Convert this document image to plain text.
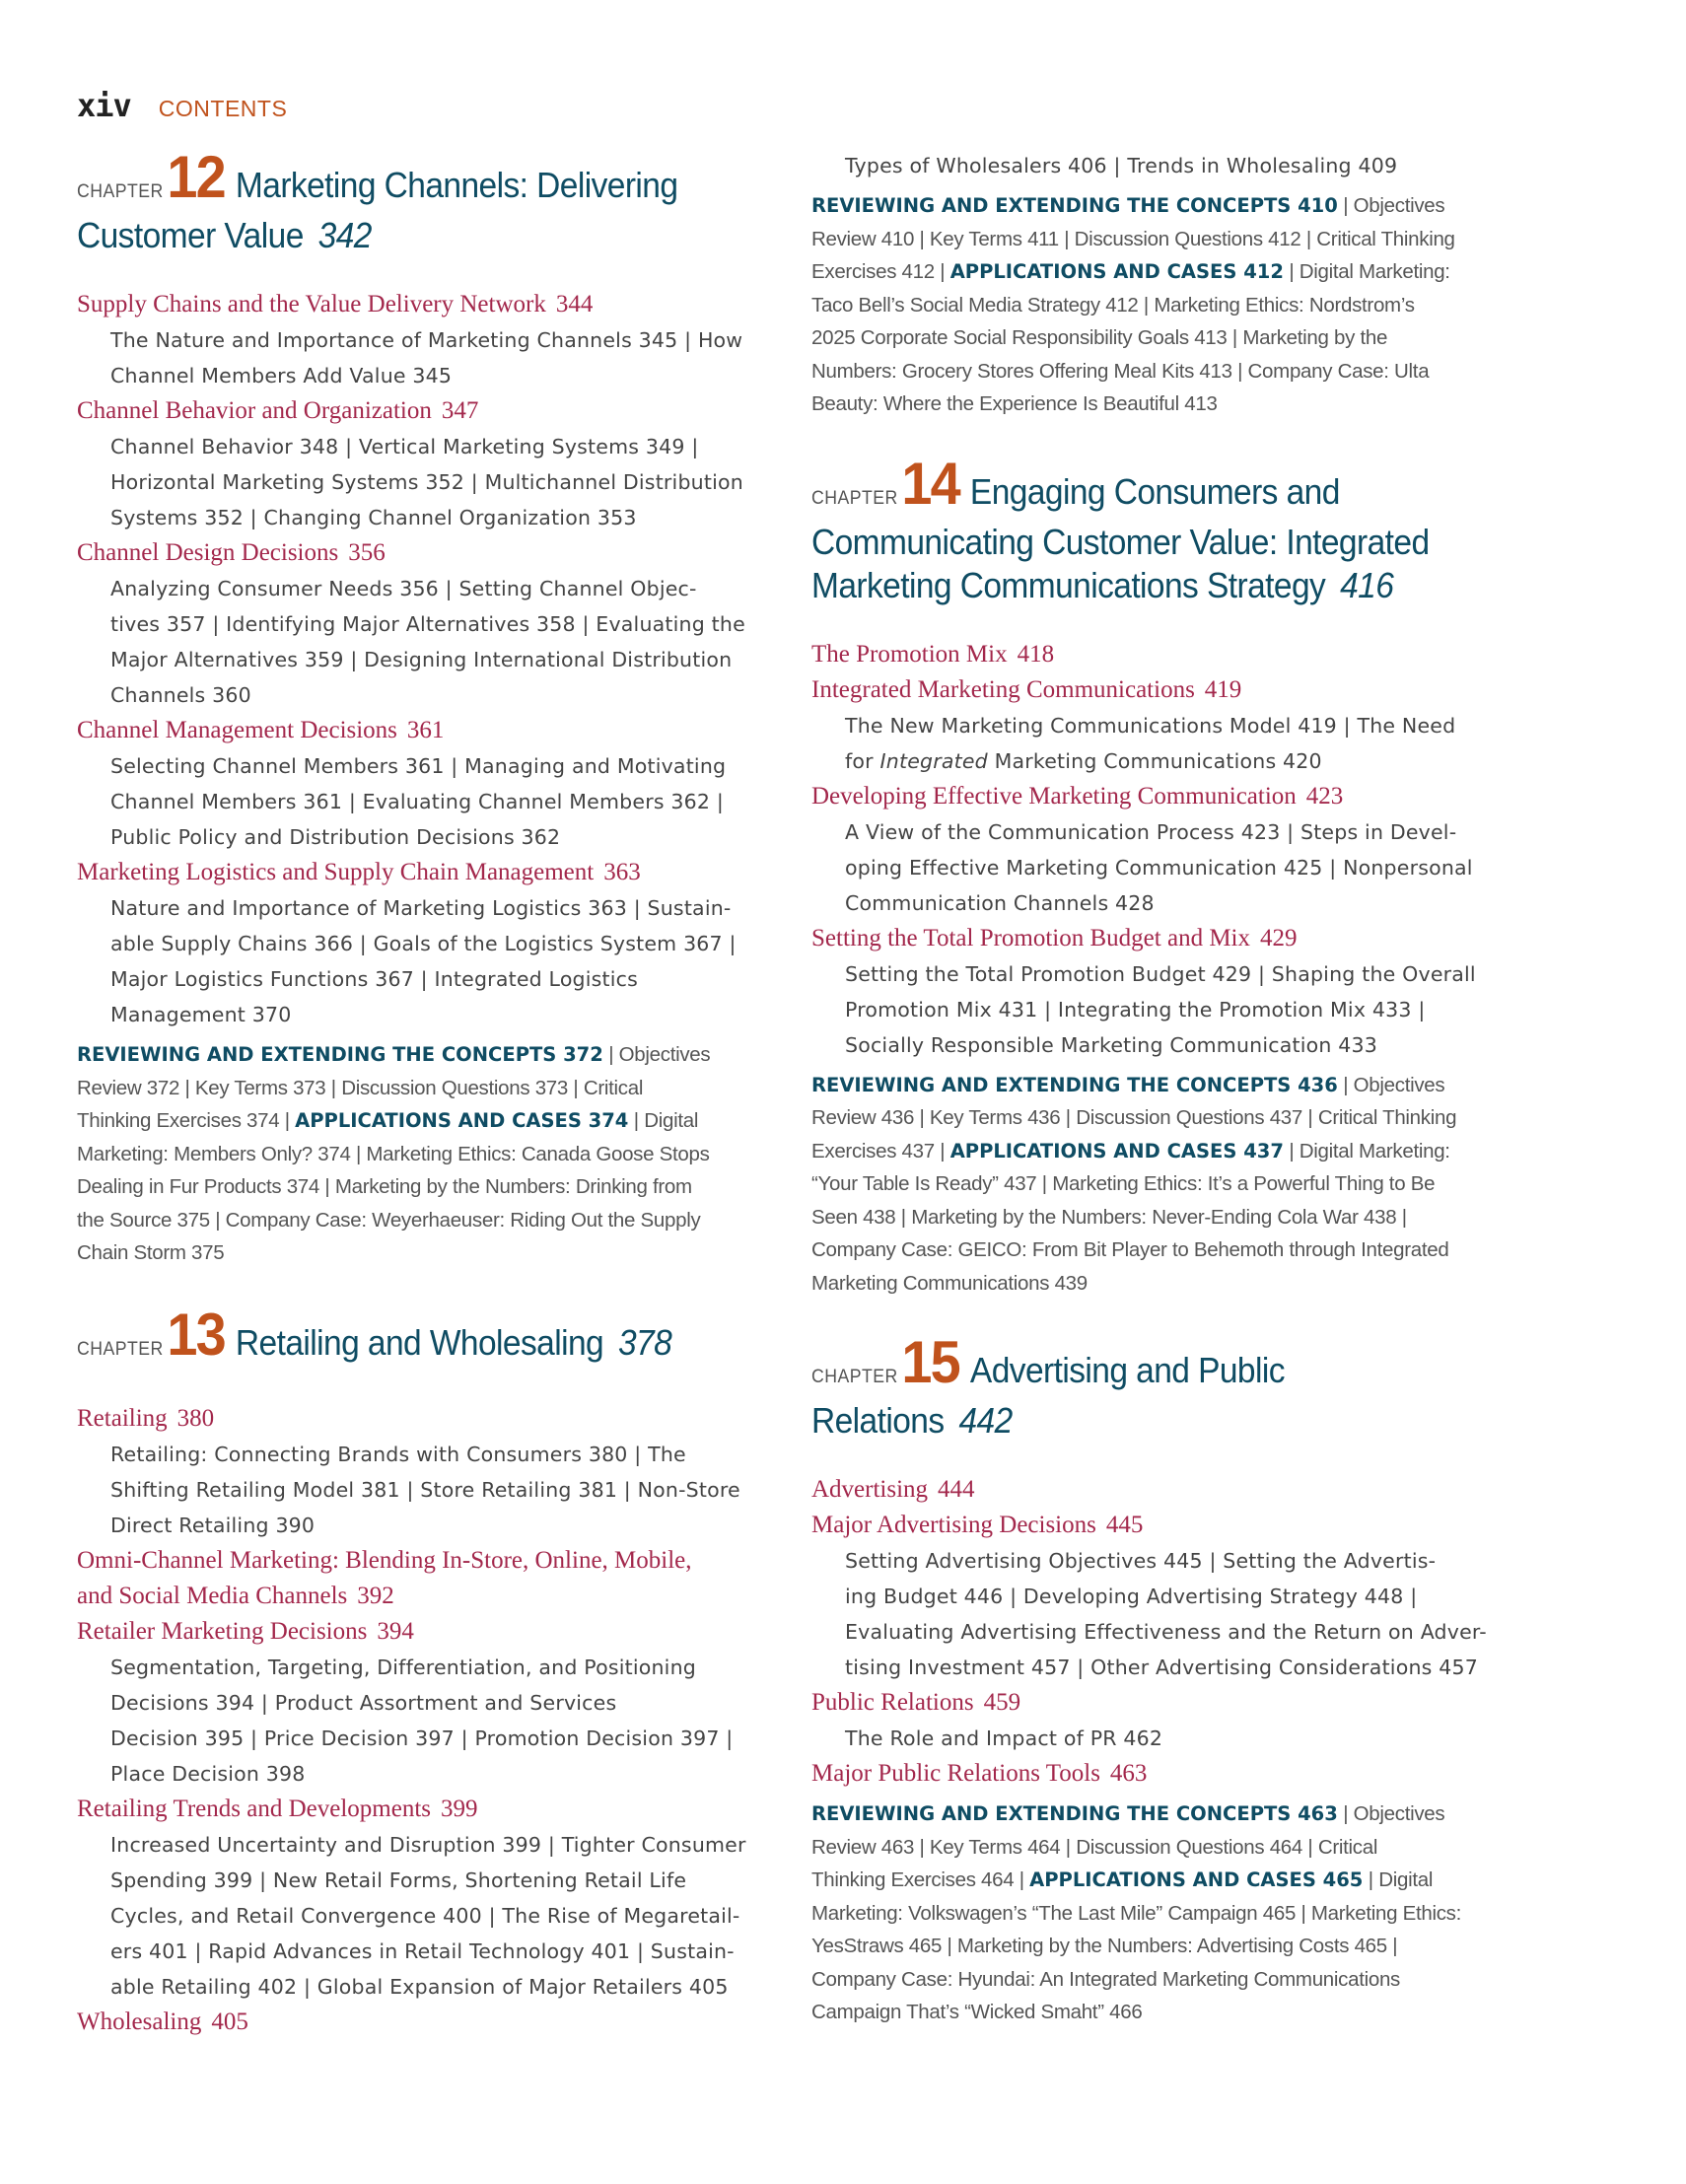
xiv CONTENTS
CHAPTER12 Marketing Channels: Delivering
Customer Value 342
Supply Chains and the Value Delivery Network 344
The Nature and Importance of Marketing Channels 345 | How
Channel Members Add Value 345
Channel Behavior and Organization 347
Channel Behavior 348 | Vertical Marketing Systems 349 |
Horizontal Marketing Systems 352 | Multichannel Distribution
Systems 352 | Changing Channel Organization 353
Channel Design Decisions 356
Analyzing Consumer Needs 356 | Setting Channel Objec-
tives 357 | Identifying Major Alternatives 358 | Evaluating the
Major Alternatives 359 | Designing International Distribution
Channels 360
Channel Management Decisions 361
Selecting Channel Members 361 | Managing and Motivating
Channel Members 361 | Evaluating Channel Members 362 |
Public Policy and Distribution Decisions 362
Marketing Logistics and Supply Chain Management 363
Nature and Importance of Marketing Logistics 363 | Sustain-
able Supply Chains 366 | Goals of the Logistics System 367 |
Major Logistics Functions 367 | Integrated Logistics
Management 370
REVIEWING AND EXTENDING THE CONCEPTS 372 | Objectives
Review 372 | Key Terms 373 | Discussion Questions 373 | Critical
Thinking Exercises 374 | APPLICATIONS AND CASES 374 | Digital
Marketing: Members Only? 374 | Marketing Ethics: Canada Goose Stops
Dealing in Fur Products 374 | Marketing by the Numbers: Drinking from
the Source 375 | Company Case: Weyerhaeuser: Riding Out the Supply
Chain Storm 375
CHAPTER13 Retailing and Wholesaling 378
Retailing 380
Retailing: Connecting Brands with Consumers 380 | The
Shifting Retailing Model 381 | Store Retailing 381 | Non-Store
Direct Retailing 390
Omni-Channel Marketing: Blending In-Store, Online, Mobile,
and Social Media Channels 392
Retailer Marketing Decisions 394
Segmentation, Targeting, Differentiation, and Positioning
Decisions 394 | Product Assortment and Services
Decision 395 | Price Decision 397 | Promotion Decision 397 |
Place Decision 398
Retailing Trends and Developments 399
Increased Uncertainty and Disruption 399 | Tighter Consumer
Spending 399 | New Retail Forms, Shortening Retail Life
Cycles, and Retail Convergence 400 | The Rise of Megaretail-
ers 401 | Rapid Advances in Retail Technology 401 | Sustain-
able Retailing 402 | Global Expansion of Major Retailers 405
Wholesaling 405
Types of Wholesalers 406 | Trends in Wholesaling 409
REVIEWING AND EXTENDING THE CONCEPTS 410 | Objectives
Review 410 | Key Terms 411 | Discussion Questions 412 | Critical Thinking
Exercises 412 | APPLICATIONS AND CASES 412 | Digital Marketing:
Taco Bell’s Social Media Strategy 412 | Marketing Ethics: Nordstrom’s
2025 Corporate Social Responsibility Goals 413 | Marketing by the
Numbers: Grocery Stores Offering Meal Kits 413 | Company Case: Ulta
Beauty: Where the Experience Is Beautiful 413
CHAPTER14 Engaging Consumers and
Communicating Customer Value: Integrated
Marketing Communications Strategy 416
The Promotion Mix 418
Integrated Marketing Communications 419
The New Marketing Communications Model 419 | The Need
for Integrated Marketing Communications 420
Developing Effective Marketing Communication 423
A View of the Communication Process 423 | Steps in Devel-
oping Effective Marketing Communication 425 | Nonpersonal
Communication Channels 428
Setting the Total Promotion Budget and Mix 429
Setting the Total Promotion Budget 429 | Shaping the Overall
Promotion Mix 431 | Integrating the Promotion Mix 433 |
Socially Responsible Marketing Communication 433
REVIEWING AND EXTENDING THE CONCEPTS 436 | Objectives
Review 436 | Key Terms 436 | Discussion Questions 437 | Critical Thinking
Exercises 437 | APPLICATIONS AND CASES 437 | Digital Marketing:
“Your Table Is Ready” 437 | Marketing Ethics: It’s a Powerful Thing to Be
Seen 438 | Marketing by the Numbers: Never-Ending Cola War 438 |
Company Case: GEICO: From Bit Player to Behemoth through Integrated
Marketing Communications 439
CHAPTER15 Advertising and Public
Relations 442
Advertising 444
Major Advertising Decisions 445
Setting Advertising Objectives 445 | Setting the Advertis-
ing Budget 446 | Developing Advertising Strategy 448 |
Evaluating Advertising Effectiveness and the Return on Adver-
tising Investment 457 | Other Advertising Considerations 457
Public Relations 459
The Role and Impact of PR 462
Major Public Relations Tools 463
REVIEWING AND EXTENDING THE CONCEPTS 463 | Objectives
Review 463 | Key Terms 464 | Discussion Questions 464 | Critical
Thinking Exercises 464 | APPLICATIONS AND CASES 465 | Digital
Marketing: Volkswagen’s “The Last Mile” Campaign 465 | Marketing Ethics:
YesStraws 465 | Marketing by the Numbers: Advertising Costs 465 |
Company Case: Hyundai: An Integrated Marketing Communications
Campaign That’s “Wicked Smaht” 466
